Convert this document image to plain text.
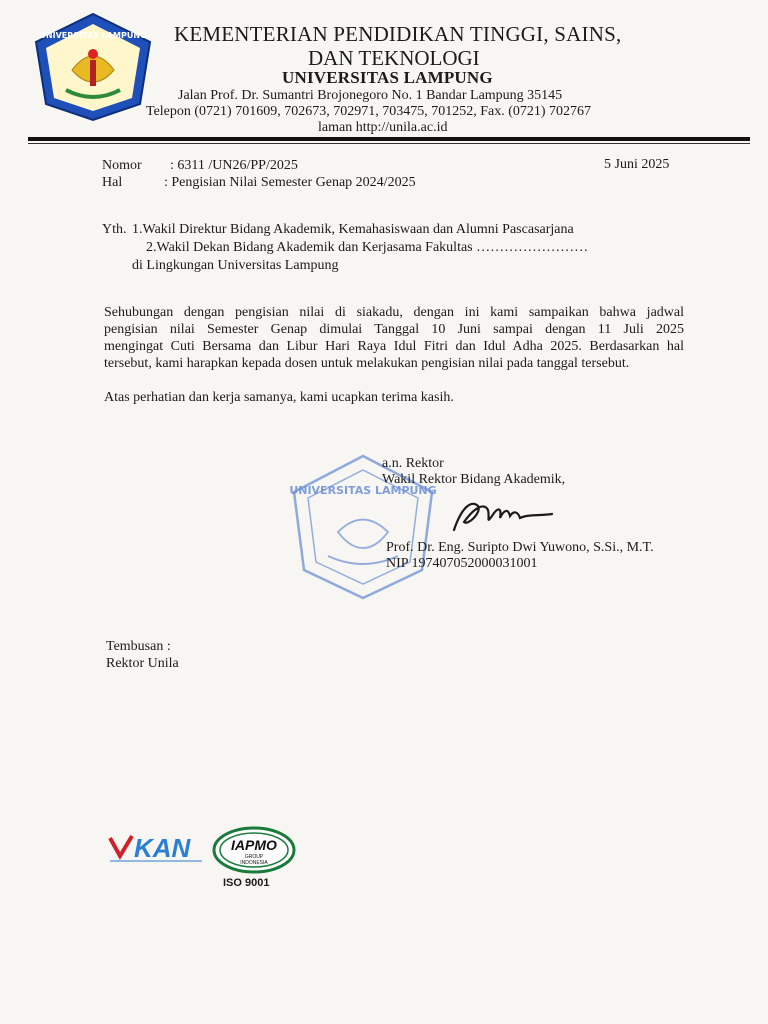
UNIVERSITAS LAMPUNG KEMENTERIAN PENDIDIKAN TINGGI, SAINS,
DAN TEKNOLOGI
UNIVERSITAS LAMPUNG
Jalan Prof. Dr. Sumantri Brojonegoro No. 1 Bandar Lampung 35145
Telepon (0721) 701609, 702673, 702971, 703475, 701252, Fax. (0721) 702767
laman http://unila.ac.id
Nomor : 6311 /UN26/PP/2025	5 Juni 2025
Hal	: Pengisian Nilai Semester Genap 2024/2025
Yth. 1.Wakil Direktur Bidang Akademik, Kemahasiswaan dan Alumni Pascasarjana
2.Wakil Dekan Bidang Akademik dan Kerjasama Fakultas ……………………
di Lingkungan Universitas Lampung
Sehubungan dengan pengisian nilai di siakadu, dengan ini kami sampaikan bahwa jadwal
pengisian nilai Semester Genap dimulai Tanggal 10 Juni sampai dengan 11 Juli 2025
mengingat Cuti Bersama dan Libur Hari Raya Idul Fitri dan Idul Adha 2025. Berdasarkan hal
tersebut, kami harapkan kepada dosen untuk melakukan pengisian nilai pada tanggal tersebut.
Atas perhatian dan kerja samanya, kami ucapkan terima kasih.
UNIVERSITAS LAMPUNG
a.n. Rektor
Wakil Rektor Bidang Akademik,
Prof. Dr. Eng. Suripto Dwi Yuwono, S.Si., M.T.
NIP 197407052000031001
Tembusan :
Rektor Unila
KAN	IAPMO
GROUP
INDONESIA
ISO 9001
